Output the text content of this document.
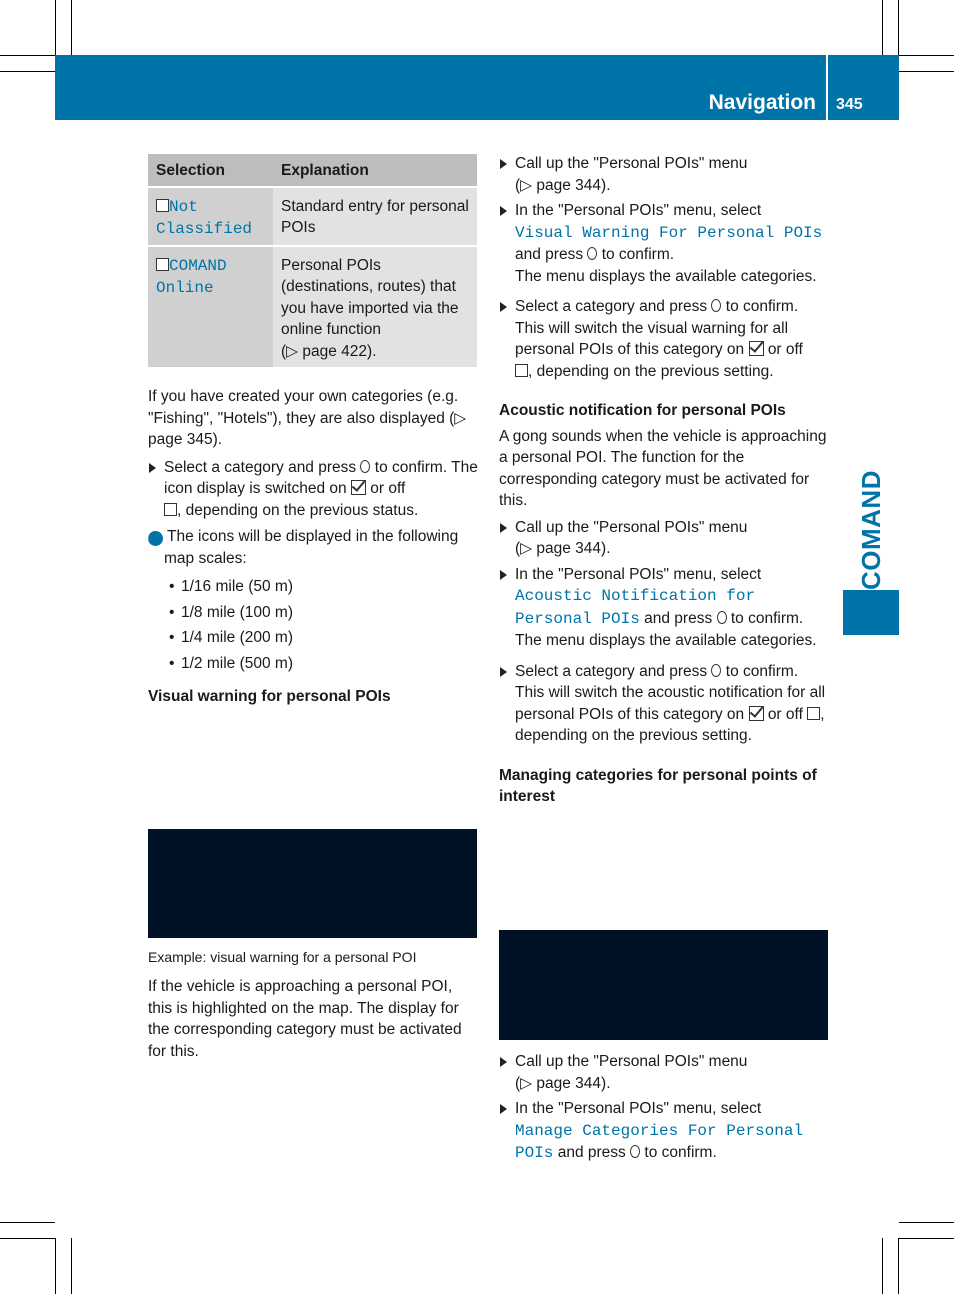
Navigation 345
COMAND
Selection	Explanation
Not Classified	Standard entry for personal POIs
COMAND Online	Personal POIs (destinations, routes) that you have imported via the online function
(▷ page 422).

If you have created your own categories (e.g. "Fishing", "Hotels"), they are also displayed (▷ page 345).

Select a category and press to confirm. The icon display is switched on or off
, depending on the previous status.

i The icons will be displayed in the following map scales:

• 1/16 mile (50 m)

• 1/8 mile (100 m)

• 1/4 mile (200 m)

• 1/2 mile (500 m)

Visual warning for personal POIs

Example: visual warning for a personal POI

If the vehicle is approaching a personal POI, this is highlighted on the map. The display for the corresponding category must be activated for this.

Call up the "Personal POIs" menu
(▷ page 344).

In the "Personal POIs" menu, select
Visual Warning For Personal POIs
and press to confirm.
The menu displays the available categories.

Select a category and press to confirm.
This will switch the visual warning for all personal POIs of this category on or off
, depending on the previous setting.

Acoustic notification for personal POIs

A gong sounds when the vehicle is approaching a personal POI. The function for the corresponding category must be activated for this.

Call up the "Personal POIs" menu
(▷ page 344).

In the "Personal POIs" menu, select
Acoustic Notification for Personal POIs and press to confirm.
The menu displays the available categories.

Select a category and press to confirm.
This will switch the acoustic notification for all personal POIs of this category on or off , depending on the previous setting.

Managing categories for personal points of interest

Call up the "Personal POIs" menu
(▷ page 344).

In the "Personal POIs" menu, select
Manage Categories For Personal POIs and press to confirm.
